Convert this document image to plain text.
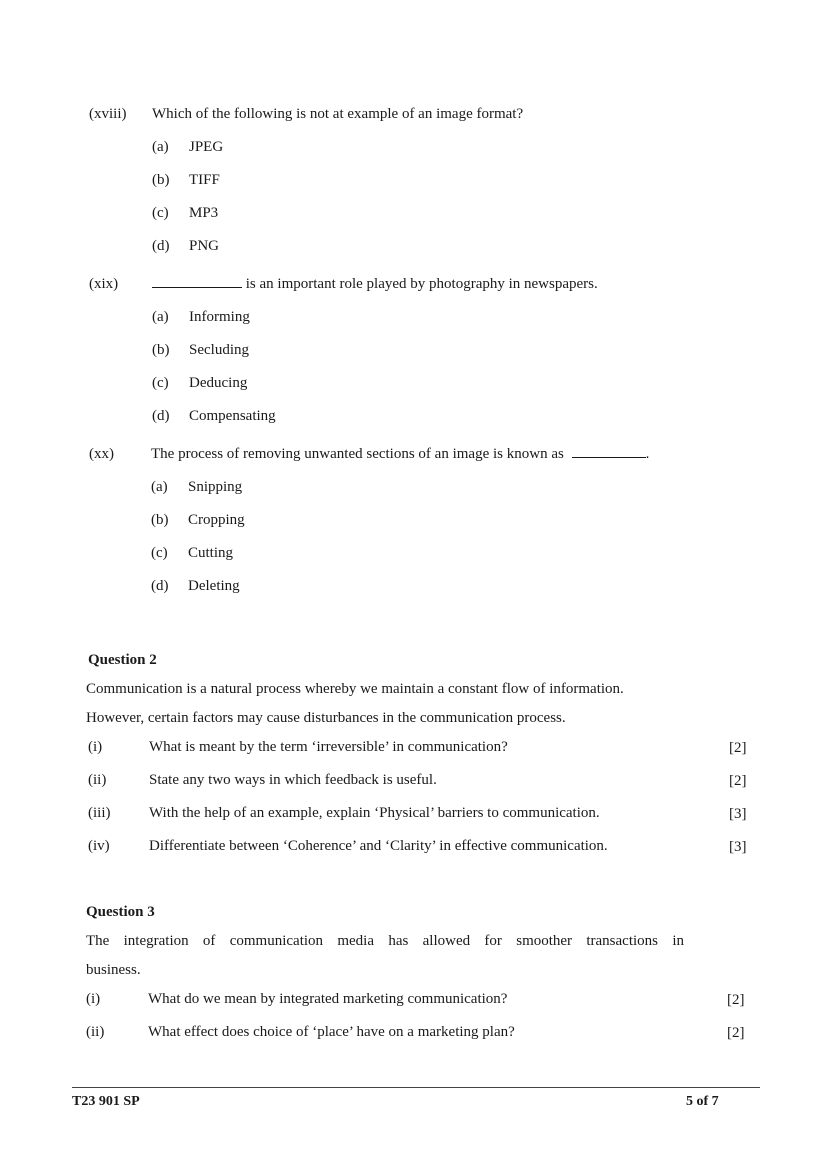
(xviii) Which of the following is not at example of an image format?
(a) JPEG
(b) TIFF
(c) MP3
(d) PNG
(xix)	is an important role played by photography in newspapers.
(a) Informing
(b) Secluding
(c) Deducing
(d) Compensating
(xx) The process of removing unwanted sections of an image is known as	.
(a) Snipping
(b) Cropping
(c) Cutting
(d) Deleting
Question 2
Communication is a natural process whereby we maintain a constant flow of information.
However, certain factors may cause disturbances in the communication process.
(i)	What is meant by the term ‘irreversible’ in communication?	[2]
(ii)	State any two ways in which feedback is useful.	[2]
(iii)	With the help of an example, explain ‘Physical’ barriers to communication.	[3]
(iv)	Differentiate between ‘Coherence’ and ‘Clarity’ in effective communication.	[3]
Question 3
The integration of communication media has allowed for smoother transactions in
business.
(i)	What do we mean by integrated marketing communication?	[2]
(ii)	What effect does choice of ‘place’ have on a marketing plan?	[2]
T23 901 SP	5 of 7
